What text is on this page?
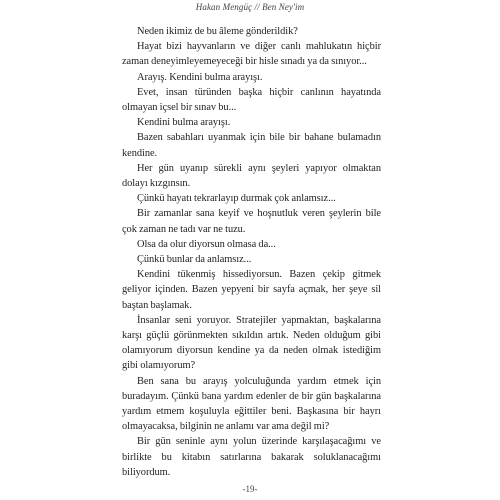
Hakan Mengüç // Ben Ney'im

Neden ikimiz de bu âleme gönderildik?

Hayat bizi hayvanların ve diğer canlı mahlukatın hiçbir zaman deneyimleyemeyeceği bir hisle sınadı ya da sınıyor...

Arayış. Kendini bulma arayışı.

Evet, insan türünden başka hiçbir canlının hayatında olmayan içsel bir sınav bu...

Kendini bulma arayışı.

Bazen sabahları uyanmak için bile bir bahane bulamadın kendine.

Her gün uyanıp sürekli aynı şeyleri yapıyor olmaktan dolayı kızgınsın.

Çünkü hayatı tekrarlayıp durmak çok anlamsız...

Bir zamanlar sana keyif ve hoşnutluk veren şeylerin bile çok zaman ne tadı var ne tuzu.

Olsa da olur diyorsun olmasa da...

Çünkü bunlar da anlamsız...

Kendini tükenmiş hissediyorsun. Bazen çekip gitmek geliyor içinden. Bazen yepyeni bir sayfa açmak, her şeye sil baştan başlamak.

İnsanlar seni yoruyor. Stratejiler yapmaktan, başkalarına karşı güçlü görünmekten sıkıldın artık. Neden olduğum gibi olamıyorum diyorsun kendine ya da neden olmak istediğim gibi olamıyorum?

Ben sana bu arayış yolculuğunda yardım etmek için buradayım. Çünkü bana yardım edenler de bir gün başkalarına yardım etmem koşuluyla eğittiler beni. Başkasına bir hayrı olmayacaksa, bilginin ne anlamı var ama değil mi?

Bir gün seninle aynı yolun üzerinde karşılaşacağımı ve birlikte bu kitabın satırlarına bakarak soluklanacağımı biliyordum.

-19-
